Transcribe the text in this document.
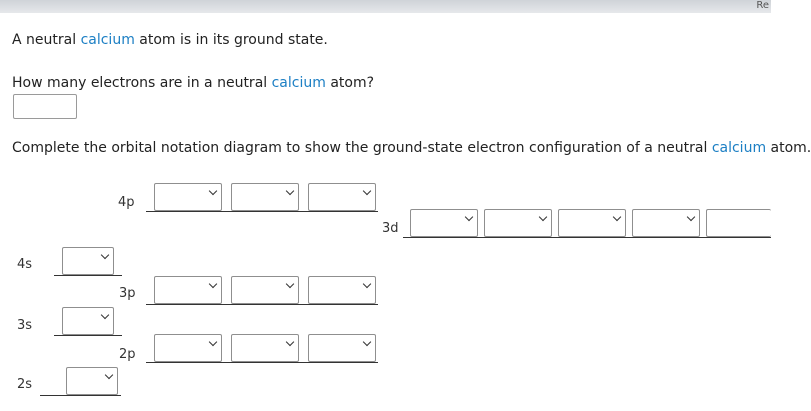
Re
A neutral calcium atom is in its ground state.
How many electrons are in a neutral calcium atom?
Complete the orbital notation diagram to show the ground-state electron configuration of a neutral calcium atom.
4p
3d
4s
3p
3s
2p
2s
